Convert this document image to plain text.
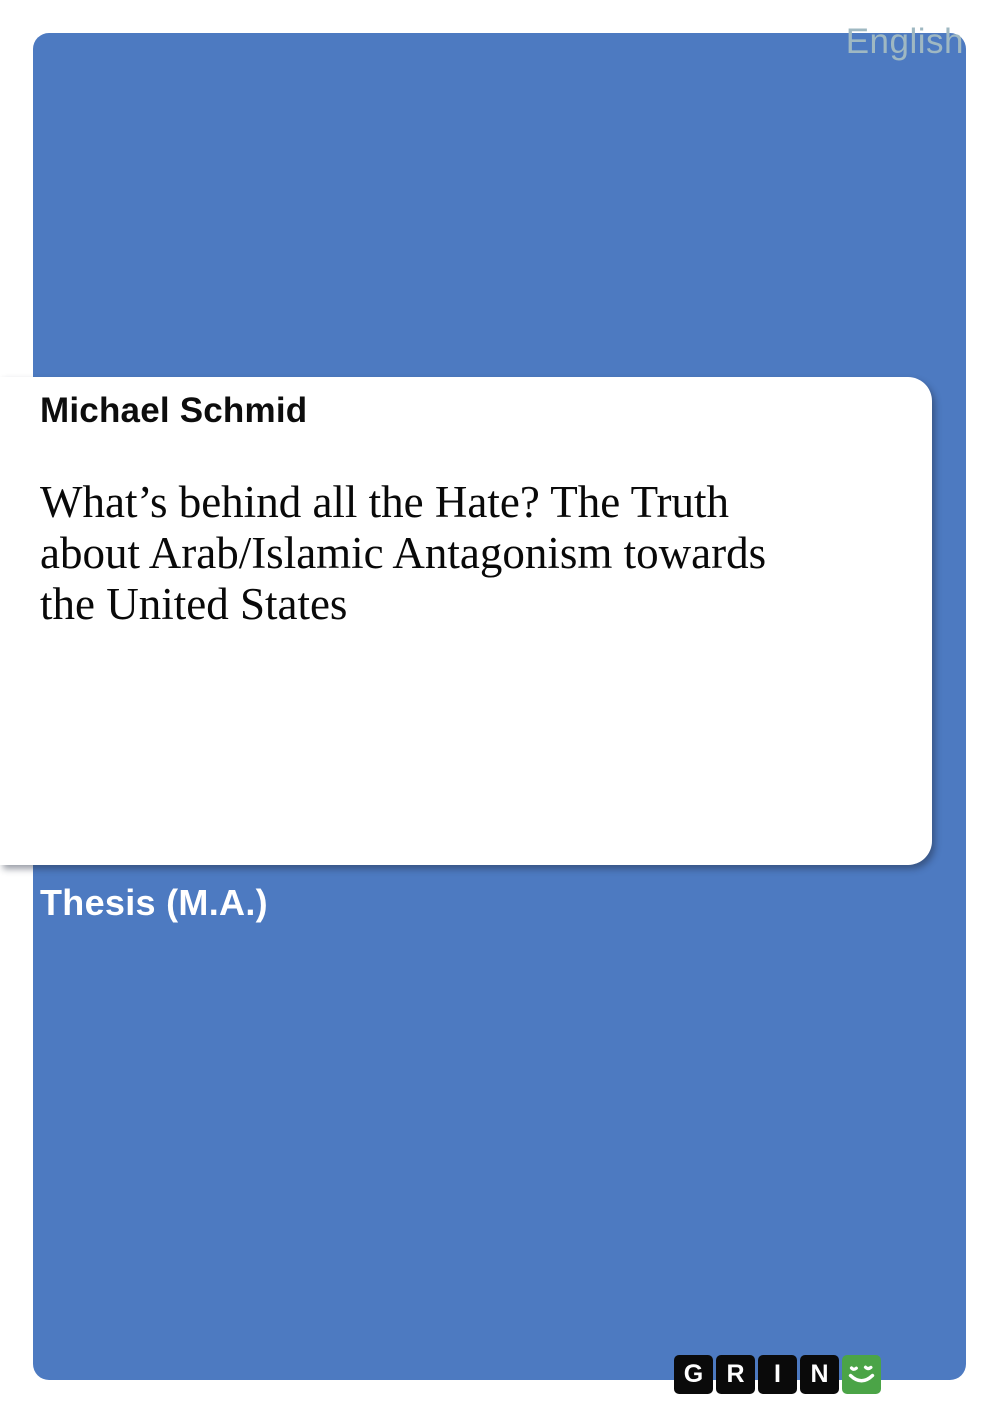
English
Michael Schmid
What’s behind all the Hate? The Truth
about Arab/Islamic Antagonism towards
the United States
Thesis (M.A.)
G R	I	N
